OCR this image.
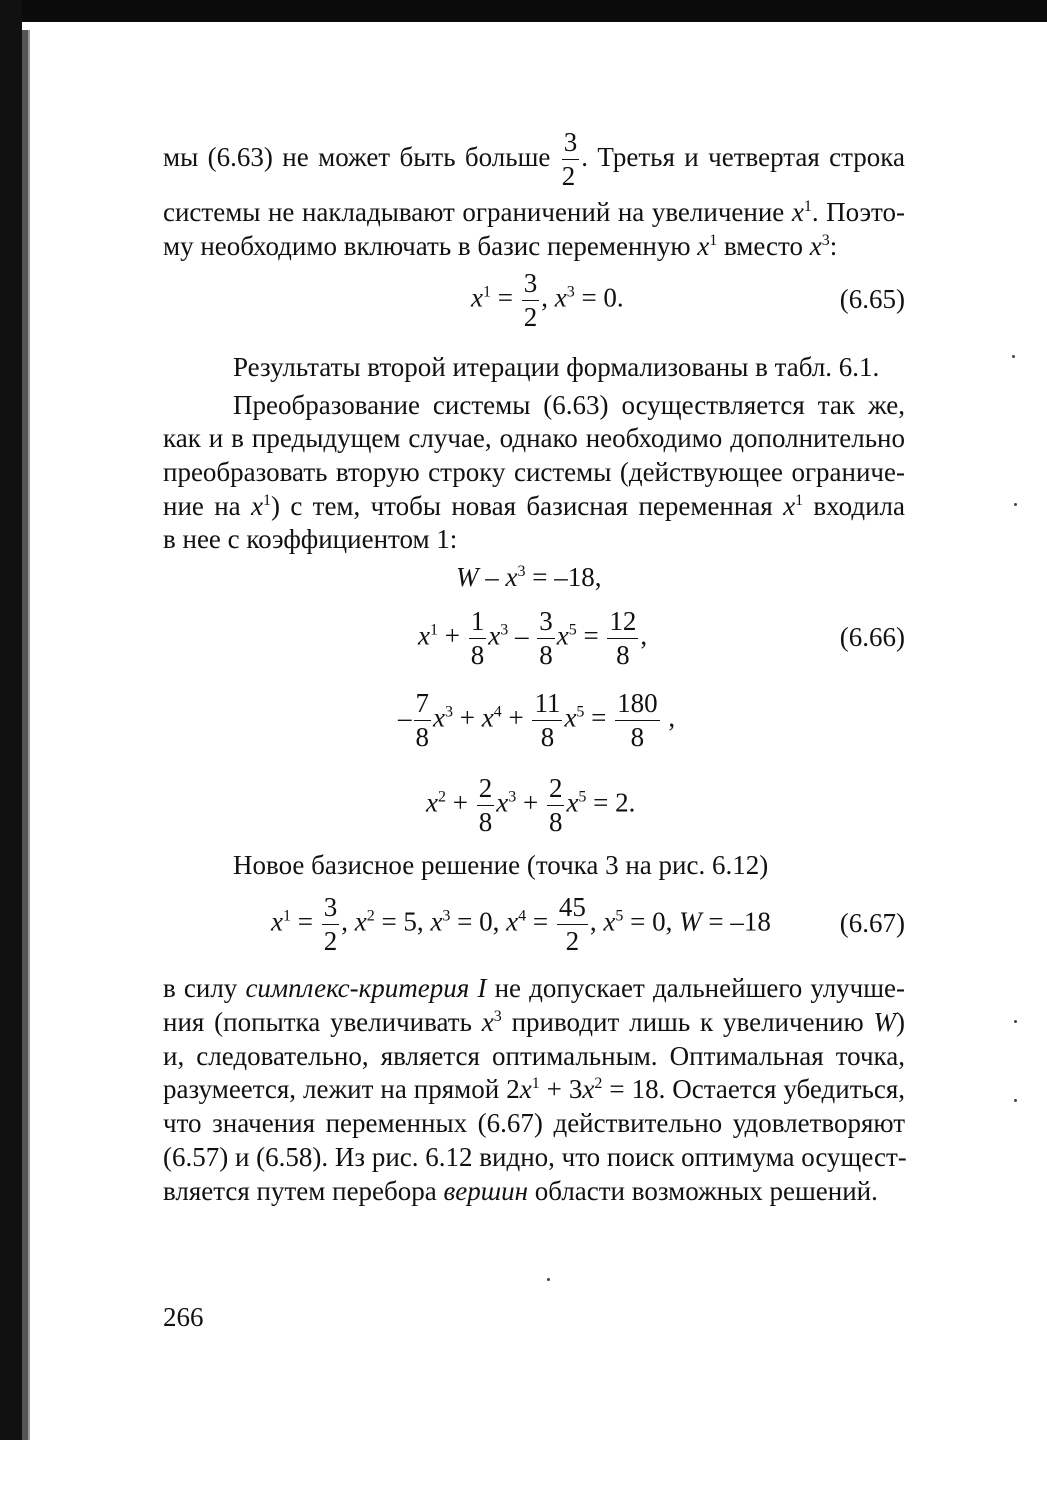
мы (6.63) не может быть больше $\frac{3}{2}$ . Третья и четвертая строка
системы не накладывают ограничений на увеличение $x^1$. Поэто-
му необходимо включать в базис переменную $x^1$ вместо $x^3$:
$x^1 = \frac{3}{2}$ , $x^3 = 0$.	(6.65)
Результаты второй итерации формализованы в табл. 6.1.
Преобразование системы (6.63) осуществляется так же,
как и в предыдущем случае, однако необходимо дополнительно
преобразовать вторую строку системы (действующее ограниче-
ние на $x^1$) с тем, чтобы новая базисная переменная $x^1$ входила
в нее с коэффициентом 1:
$W - x^3 = -18$,
$x^1 + \frac{1}{8} x^3 - \frac{3}{8} x^5 = \frac{12}{8}$ ,	(6.66)
– $\frac{7}{8} x^3 + x^4 + \frac{11}{8} x^5 = \frac{180}{8}$ ,
$x^2 + \frac{2}{8} x^3 + \frac{2}{8} x^5 = 2$.
Новое базисное решение (точка 3 на рис. 6.12)
$x^1 = \frac{3}{2}$ , $x^2 = 5$, $x^3 = 0$, $x^4 = \frac{45}{2}$ , $x^5 = 0$, W = –18	(6.67)
в силу симплекс-критерия I не допускает дальнейшего улучше-
ния (попытка увеличивать $x^3$ приводит лишь к увеличению W)
и, следовательно, является оптимальным. Оптимальная точка,
разумеется, лежит на прямой $2x^1 + 3x^2 = 18$. Остается убедиться,
что значения переменных (6.67) действительно удовлетворяют
(6.57) и (6.58). Из рис. 6.12 видно, что поиск оптимума осущест-
вляется путем перебора вершин области возможных решений.
266
